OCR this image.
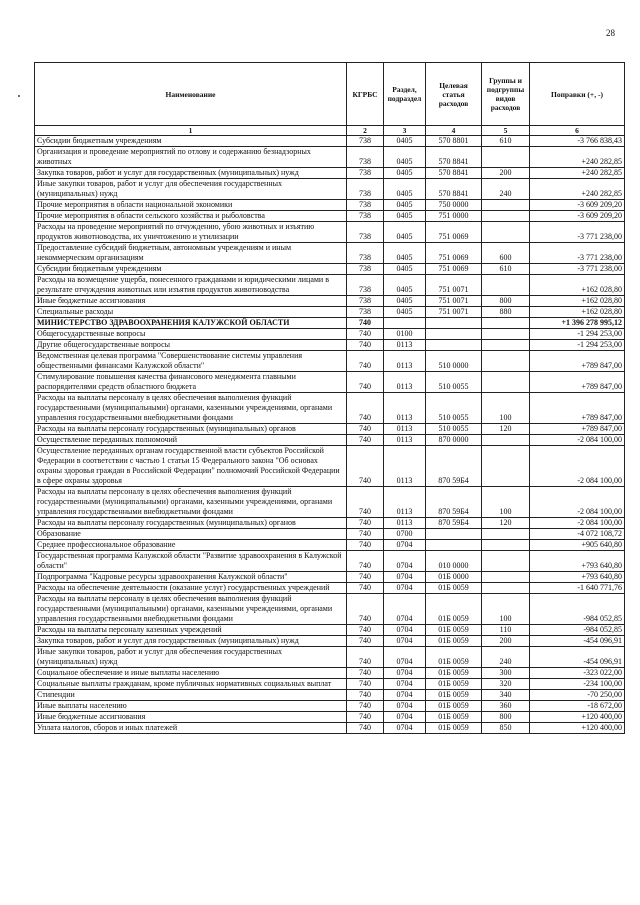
28
Наименование	КГРБС	Раздел, подраздел	Целевая статья расходов	Группы и подгруппы видов расходов	Поправки (+, -)
1	2	3	4	5	6
Субсидии бюджетным учреждениям	738	0405	570 8801	610	-3 766 838,43
Организация и проведение мероприятий по отлову и содержанию безнадзорных животных	738	0405	570 8841		+240 282,85
Закупка товаров, работ и услуг для государственных (муниципальных) нужд	738	0405	570 8841	200	+240 282,85
Иные закупки товаров, работ и услуг для обеспечения государственных (муниципальных) нужд	738	0405	570 8841	240	+240 282,85
Прочие мероприятия в области национальной экономики	738	0405	750 0000		-3 609 209,20
Прочие мероприятия в области сельского хозяйства и рыболовства	738	0405	751 0000		-3 609 209,20
Расходы на проведение мероприятий по отчуждению, убою животных и изъятию продуктов животноводства, их уничтожению и утилизации	738	0405	751 0069		-3 771 238,00
Предоставление субсидий бюджетным, автономным учреждениям и иным некоммерческим организациям	738	0405	751 0069	600	-3 771 238,00
Субсидии бюджетным учреждениям	738	0405	751 0069	610	-3 771 238,00
Расходы на возмещение ущерба, понесенного гражданами и юридическими лицами в результате отчуждения животных или изъятия продуктов животноводства	738	0405	751 0071		+162 028,80
Иные бюджетные ассигнования	738	0405	751 0071	800	+162 028,80
Специальные расходы	738	0405	751 0071	880	+162 028,80
МИНИСТЕРСТВО ЗДРАВООХРАНЕНИЯ КАЛУЖСКОЙ ОБЛАСТИ	740				+1 396 278 995,12
Общегосударственные вопросы	740	0100			-1 294 253,00
Другие общегосударственные вопросы	740	0113			-1 294 253,00
Ведомственная целевая программа "Совершенствование системы управления общественными финансами Калужской области"	740	0113	510 0000		+789 847,00
Стимулирование повышения качества финансового менеджмента главными распорядителями средств областного бюджета	740	0113	510 0055		+789 847,00
Расходы на выплаты персоналу в целях обеспечения выполнения функций государственными (муниципальными) органами, казенными учреждениями, органами управления государственными внебюджетными фондами	740	0113	510 0055	100	+789 847,00
Расходы на выплаты персоналу государственных (муниципальных) органов	740	0113	510 0055	120	+789 847,00
Осуществление переданных полномочий	740	0113	870 0000		-2 084 100,00
Осуществление переданных органам государственной власти субъектов Российской Федерации в соответствии с частью 1 статьи 15 Федерального закона "Об основах охраны здоровья граждан в Российской Федерации" полномочий Российской Федерации в сфере охраны здоровья	740	0113	870 59Б4		-2 084 100,00
Расходы на выплаты персоналу в целях обеспечения выполнения функций государственными (муниципальными) органами, казенными учреждениями, органами управления государственными внебюджетными фондами	740	0113	870 59Б4	100	-2 084 100,00
Расходы на выплаты персоналу государственных (муниципальных) органов	740	0113	870 59Б4	120	-2 084 100,00
Образование	740	0700			-4 072 108,72
Среднее профессиональное образование	740	0704			+905 640,80
Государственная программа Калужской области "Развитие здравоохранения в Калужской области"	740	0704	010 0000		+793 640,80
Подпрограмма "Кадровые ресурсы здравоохранения Калужской области"	740	0704	01Б 0000		+793 640,80
Расходы на обеспечение деятельности (оказание услуг) государственных учреждений	740	0704	01Б 0059		-1 640 771,76
Расходы на выплаты персоналу в целях обеспечения выполнения функций государственными (муниципальными) органами, казенными учреждениями, органами управления государственными внебюджетными фондами	740	0704	01Б 0059	100	-984 052,85
Расходы на выплаты персоналу казенных учреждений	740	0704	01Б 0059	110	-984 052,85
Закупка товаров, работ и услуг для государственных (муниципальных) нужд	740	0704	01Б 0059	200	-454 096,91
Иные закупки товаров, работ и услуг для обеспечения государственных (муниципальных) нужд	740	0704	01Б 0059	240	-454 096,91
Социальное обеспечение и иные выплаты населению	740	0704	01Б 0059	300	-323 022,00
Социальные выплаты гражданам, кроме публичных нормативных социальных выплат	740	0704	01Б 0059	320	-234 100,00
Стипендии	740	0704	01Б 0059	340	-70 250,00
Иные выплаты населению	740	0704	01Б 0059	360	-18 672,00
Иные бюджетные ассигнования	740	0704	01Б 0059	800	+120 400,00
Уплата налогов, сборов и иных платежей	740	0704	01Б 0059	850	+120 400,00
